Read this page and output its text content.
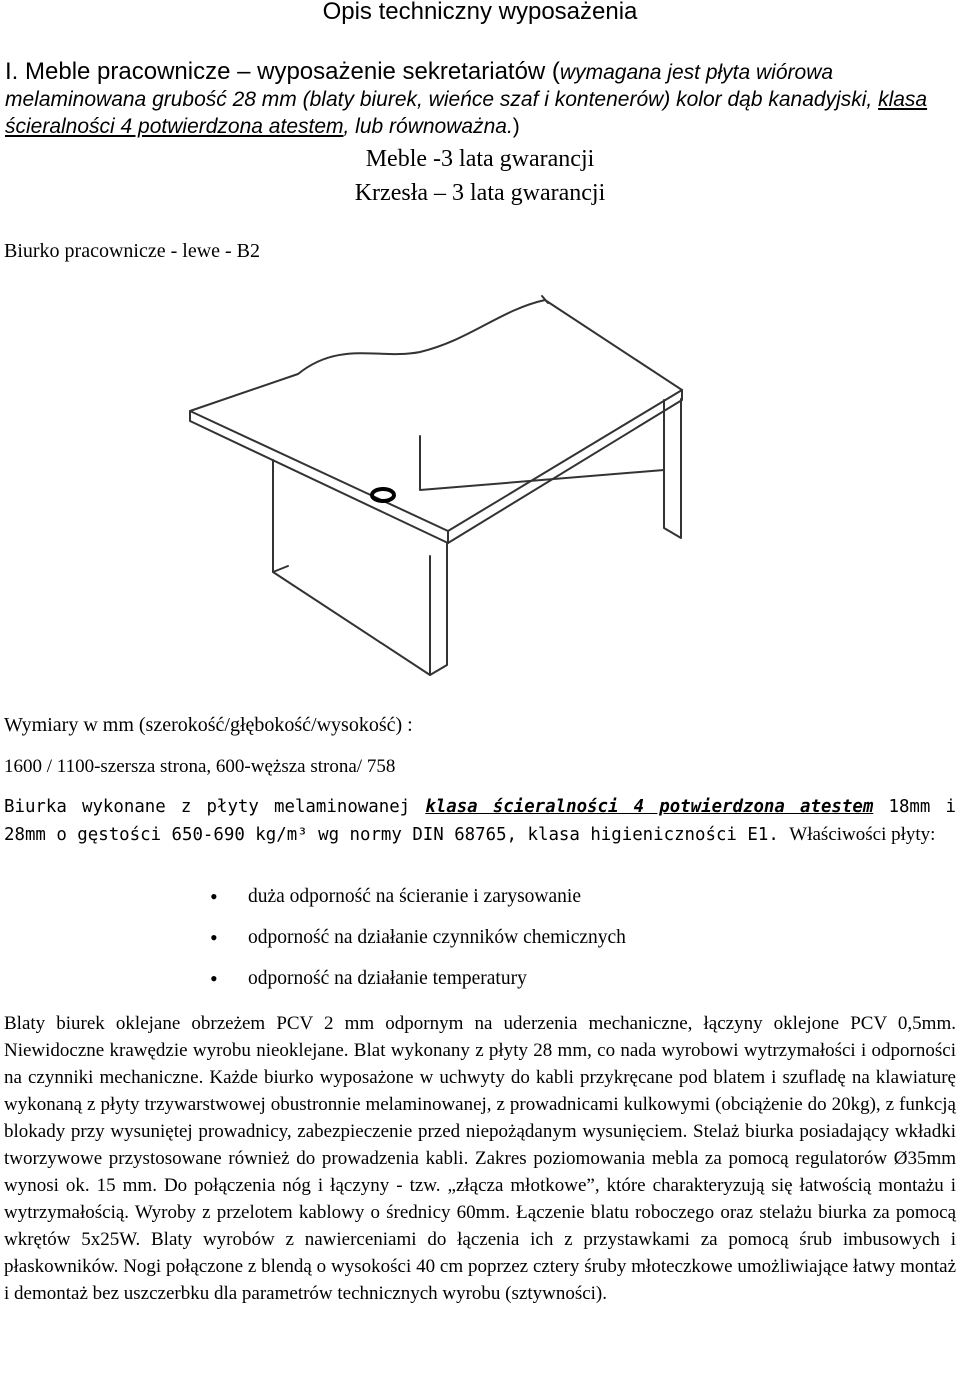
Opis techniczny wyposażenia
I. Meble pracownicze – wyposażenie sekretariatów (wymagana jest płyta wiórowa melaminowana grubość 28 mm (blaty biurek, wieńce szaf i kontenerów) kolor dąb kanadyjski, klasa ścieralności 4 potwierdzona atestem, lub równoważna.)
Meble -3 lata gwarancji
Krzesła – 3 lata gwarancji
Biurko pracownicze - lewe - B2
Wymiary w mm (szerokość/głębokość/wysokość) :
1600 / 1100-szersza strona, 600-węższa strona/ 758
Biurka wykonane z płyty melaminowanej klasa ścieralności 4 potwierdzona atestem 18mm i 28mm o gęstości 650-690 kg/m³ wg normy DIN 68765, klasa higieniczności E1. Właściwości płyty:
• duża odporność na ścieranie i zarysowanie
• odporność na działanie czynników chemicznych
• odporność na działanie temperatury
Blaty biurek oklejane obrzeżem PCV 2 mm odpornym na uderzenia mechaniczne, łączyny oklejone PCV 0,5mm. Niewidoczne krawędzie wyrobu nieoklejane. Blat wykonany z płyty 28 mm, co nada wyrobowi wytrzymałości i odporności na czynniki mechaniczne. Każde biurko wyposażone w uchwyty do kabli przykręcane pod blatem i szufladę na klawiaturę wykonaną z płyty trzywarstwowej obustronnie melaminowanej, z prowadnicami kulkowymi (obciążenie do 20kg), z funkcją blokady przy wysuniętej prowadnicy, zabezpieczenie przed niepożądanym wysunięciem. Stelaż biurka posiadający wkładki tworzywowe przystosowane również do prowadzenia kabli. Zakres poziomowania mebla za pomocą regulatorów Ø35mm wynosi ok. 15 mm. Do połączenia nóg i łączyny - tzw. „złącza młotkowe”, które charakteryzują się łatwością montażu i wytrzymałością. Wyroby z przelotem kablowy o średnicy 60mm. Łączenie blatu roboczego oraz stelażu biurka za pomocą wkrętów 5x25W. Blaty wyrobów z nawierceniami do łączenia ich z przystawkami za pomocą śrub imbusowych i płaskowników. Nogi połączone z blendą o wysokości 40 cm poprzez cztery śruby młoteczkowe umożliwiające łatwy montaż i demontaż bez uszczerbku dla parametrów technicznych wyrobu (sztywności).
